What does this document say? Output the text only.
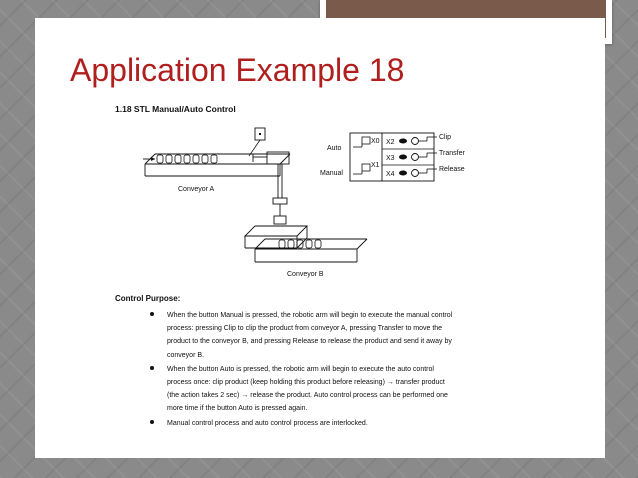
Application Example 18
1.18 STL Manual/Auto Control
Conveyor A
Conveyor B
X0
X1
Auto
Manual
X2
X3
X4
Clip
Transfer
Release
Control Purpose:
When the button Manual is pressed, the robotic arm will begin to execute the manual control
process: pressing Clip to clip the product from conveyor A, pressing Transfer to move the
product to the conveyor B, and pressing Release to release the product and send it away by
conveyor B.
When the button Auto is pressed, the robotic arm will begin to execute the auto control
process once: clip product (keep holding this product before releasing) → transfer product
(the action takes 2 sec) → release the product. Auto control process can be performed one
more time if the button Auto is pressed again.
Manual control process and auto control process are interlocked.
